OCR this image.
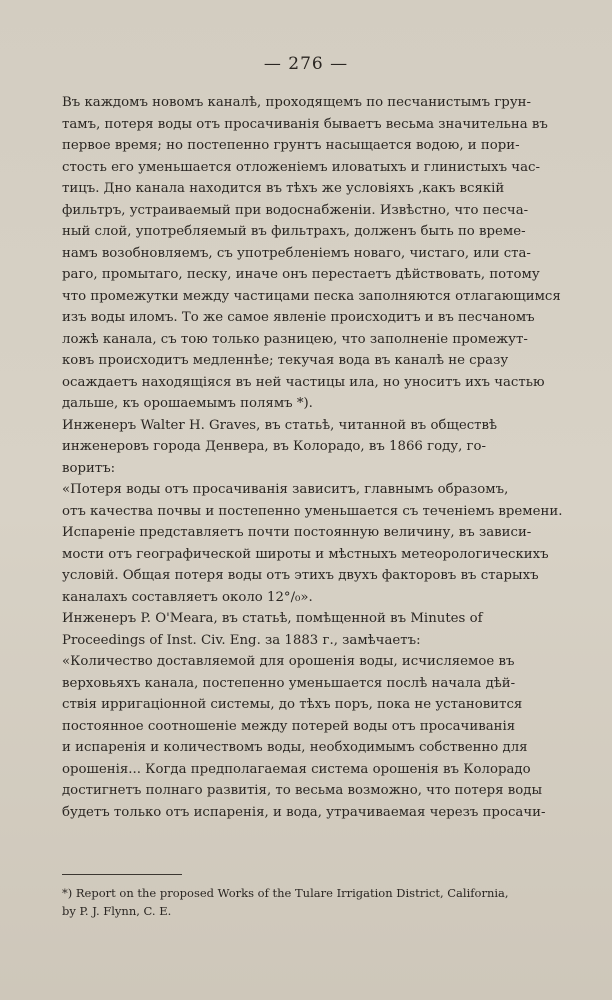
— 276 —
Въ каждомъ новомъ каналѣ, проходящемъ по песчанистымъ грун-
тамъ, потеря воды отъ просачиванія бываетъ весьма значительна въ
первое время; но постепенно грунтъ насыщается водою, и пори-
стость его уменьшается отложеніемъ иловатыхъ и глинистыхъ час-
тицъ. Дно канала находится въ тѣхъ же условіяхъ ,какъ всякій
фильтръ, устраиваемый при водоснабженіи. Извѣстно, что песча-
ный слой, употребляемый въ фильтрахъ, долженъ быть по време-
намъ возобновляемъ, съ употребленіемъ новаго, чистаго, или ста-
раго, промытаго, песку, иначе онъ перестаетъ дѣйствовать, потому
что промежутки между частицами песка заполняются отлагающимся
изъ воды иломъ. То же самое явленіе происходитъ и въ песчаномъ
ложѣ канала, съ тою только разницею, что заполненіе промежут-
ковъ происходитъ медленнѣе; текучая вода въ каналѣ не сразу
осаждаетъ находящіяся въ ней частицы ила, но уноситъ ихъ частью
дальше, къ орошаемымъ полямъ *).
Инженеръ Walter H. Graves, въ статьѣ, читанной въ обществѣ
инженеровъ города Денвера, въ Колорадо, въ 1866 году, го-
воритъ:
«Потеря воды отъ просачиванія зависитъ, главнымъ образомъ,
отъ качества почвы и постепенно уменьшается съ теченіемъ времени.
Испареніе представляетъ почти постоянную величину, въ завиcи-
мости отъ географической широты и мѣстныхъ метеорологическихъ
условій. Общая потеря воды отъ этихъ двухъ факторовъ въ старыхъ
каналахъ составляетъ около 12°/₀».
Инженеръ P. O'Meara, въ статьѣ, помѣщенной въ Minutes of
Proceedings of Inst. Civ. Eng. за 1883 г., замѣчаетъ:
«Количество доставляемой для орошенія воды, исчисляемое въ
верховьяхъ канала, постепенно уменьшается послѣ начала дѣй-
ствія ирригаціонной системы, до тѣхъ поръ, пока не установится
постоянное соотношеніе между потерей воды отъ просачиванія
и испаренія и количествомъ воды, необходимымъ собственно для
орошенія... Когда предполагаемая система орошенія въ Колорадо
достигнетъ полнаго развитія, то весьма возможно, что потеря воды
будетъ только отъ испаренія, и вода, утрачиваемая черезъ просачи-

*) Report on the proposed Works of the Tulare Irrigation District, California,

by P. J. Flynn, C. E.
